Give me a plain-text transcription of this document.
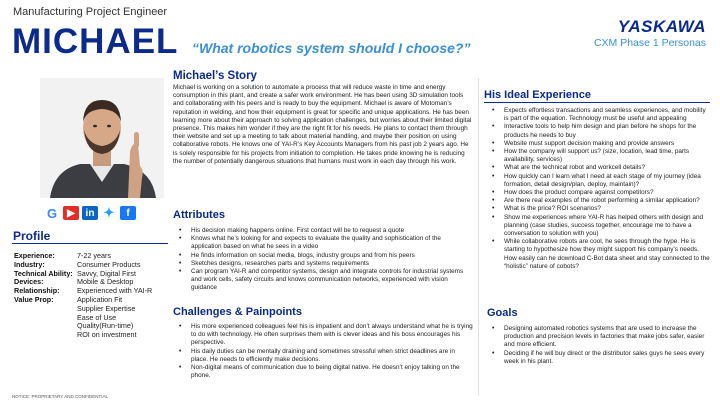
Manufacturing Project Engineer
MICHAEL “What robotics system should I choose?”
YASKAWA
CXM Phase 1 Personas
G	▶	in ✦	f
Profile
Experience:	7-22 years
Industry:	Consumer Products
Technical Ability: Savvy, Digital First
Devices:	Mobile & Desktop
Relationship:	Experienced with YAI-R
Value Prop:	Application Fit
Supplier Expertise
Ease of Use
Quality(Run-time)
ROI on investment
NOTICE: PROPRIETARY AND CONFIDENTIAL
Michael’s Story
Michael is working on a solution to automate a process that will reduce waste in time and energy consumption in this plant, and create a safer work environment. He has been using 3D simulation tools and collaborating with his peers and is ready to buy the equipment. Michael is aware of Motoman’s reputation in welding, and how their equipment is great for specific and unique applications. He has been learning more about their approach to solving application challenges, but worries about their limited digital presence. This makes him wonder if they are the right fit for his needs. He plans to contact them through their website and set up a meeting to talk about material handling, and maybe their position on using collaborative robots. He knows one of YAI-R’s Key Accounts Managers from his past job 2 years ago. He is solely responsible for his projects from initiation to completion. He takes pride knowing he is reducing the number of potentially dangerous situations that humans must work in each day through his work.
Attributes
• His decision making happens online. First contact will be to request a quote
• Knows what he’s looking for and expects to evaluate the quality and sophistication of the application based on what he sees in a video
• He finds information on social media, blogs, industry groups and from his peers
• Sketches designs, researches parts and systems requirements
• Can program YAI-R and competitor systems, design and integrate controls for industrial systems and work cells, safety circuits and knows communication networks, experienced with vision guidance
Challenges & Painpoints
• His more experienced colleagues feel his is impatient and don’t always understand what he is trying to do with technology. He often surprises them with is clever ideas and his boss encourages his perspective.
• His daily duties can be mentally draining and sometimes stressful when strict deadlines are in place. He needs to efficiently make decisions.
• Non-digital means of communication due to being digital native. He doesn’t enjoy talking on the phone.
His Ideal Experience
• Expects effortless transactions and seamless experiences, and mobility is part of the equation. Technology must be useful and appealing
• Interactive tools to help him design and plan before he shops for the products he needs to buy
• Website must support decision making and provide answers
• How the company will support us? (size, location, lead time, parts availability, services)
• What are the technical robot and workcell details?
• How quickly can I learn what I need at each stage of my journey (idea formation, detail design/plan, deploy, maintain)?
• How does the product compare against competitors?
• Are there real examples of the robot performing a similar application?
• What is the price? ROI scenarios?
• Show me experiences where YAI-R has helped others with design and planning (case studies, success together, encourage me to have a conversation to solution with you)
• While collaborative robots are cool, he sees through the hype. He is starting to hypothesize how they might support his company’s needs. How easily can he download C-Bot data sheet and stay connected to the “holistic” nature of cobots?
Goals
• Designing automated robotics systems that are used to increase the production and precision levels in factories that make jobs safer, easier and more efficient.
• Deciding if he will buy direct or the distributor sales guys he sees every week in his plant.
